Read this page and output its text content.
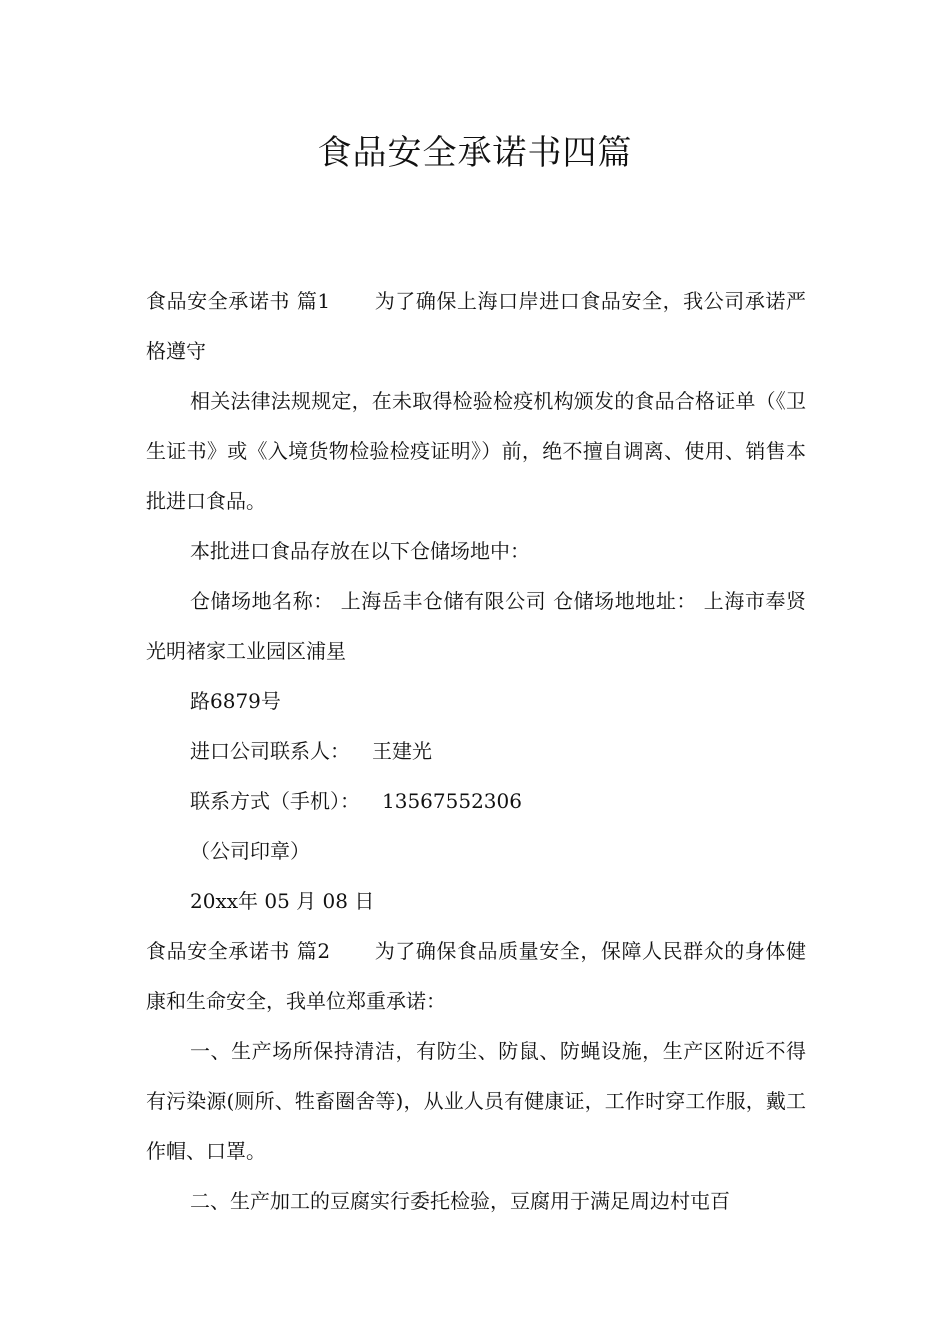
食品安全承诺书四篇

食品安全承诺书 篇1 为了确保上海口岸进口食品安全，我公司承诺严格遵守

相关法律法规规定，在未取得检验检疫机构颁发的食品合格证单（《卫生证书》或《入境货物检验检疫证明》）前，绝不擅自调离、使用、销售本批进口食品。

本批进口食品存放在以下仓储场地中：

仓储场地名称： 上海岳丰仓储有限公司 仓储场地地址： 上海市奉贤光明褚家工业园区浦星

路6879号

进口公司联系人： 王建光

联系方式（手机）： 13567552306

（公司印章）

20xx年 05 月 08 日

食品安全承诺书 篇2 为了确保食品质量安全，保障人民群众的身体健康和生命安全，我单位郑重承诺：

一、生产场所保持清洁，有防尘、防鼠、防蝇设施，生产区附近不得有污染源(厕所、牲畜圈舍等)，从业人员有健康证，工作时穿工作服，戴工作帽、口罩。

二、生产加工的豆腐实行委托检验，豆腐用于满足周边村屯百
